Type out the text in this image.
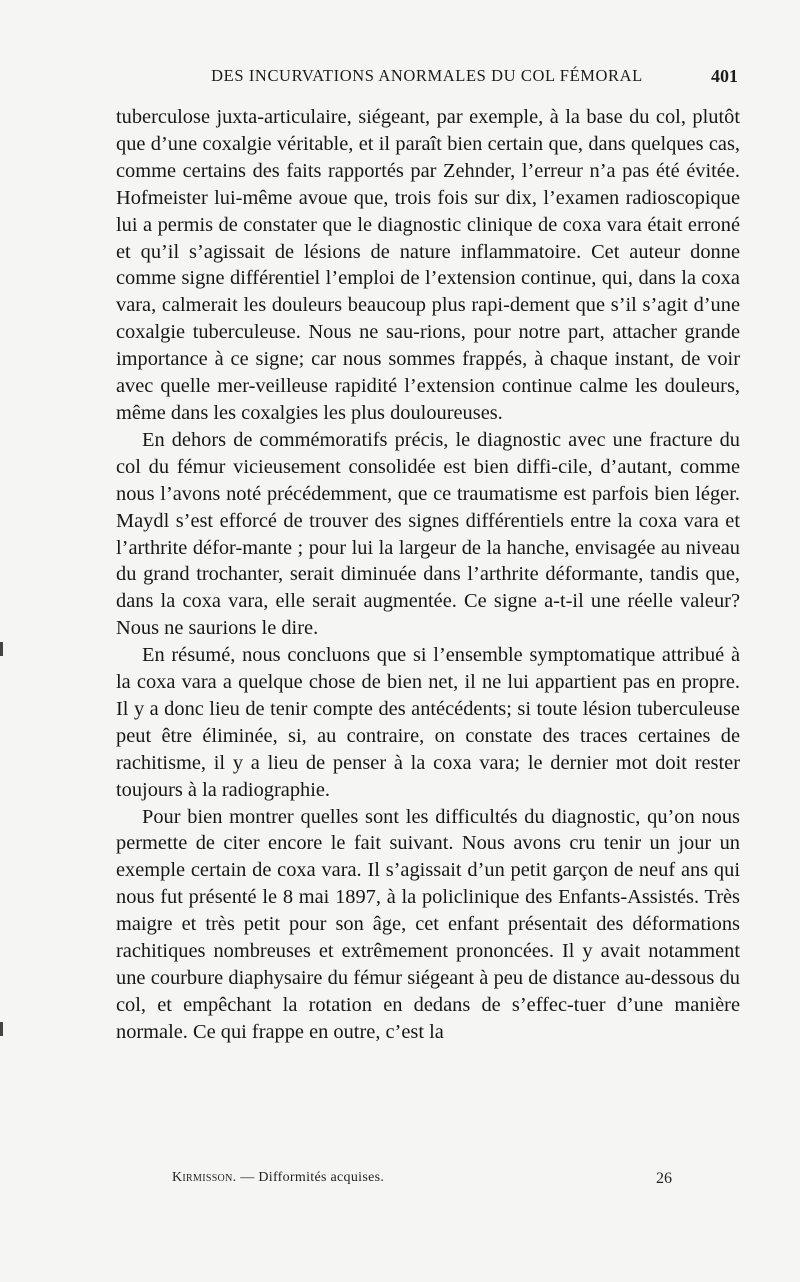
DES INCURVATIONS ANORMALES DU COL FÉMORAL	401

tuberculose juxta-articulaire, siégeant, par exemple, à la base du col, plutôt que d’une coxalgie véritable, et il paraît bien certain que, dans quelques cas, comme certains des faits rapportés par Zehnder, l’erreur n’a pas été évitée. Hofmeister lui-même avoue que, trois fois sur dix, l’examen radioscopique lui a permis de constater que le diagnostic clinique de coxa vara était erroné et qu’il s’agissait de lésions de nature inflammatoire. Cet auteur donne comme signe différentiel l’emploi de l’extension continue, qui, dans la coxa vara, calmerait les douleurs beaucoup plus rapi-dement que s’il s’agit d’une coxalgie tuberculeuse. Nous ne sau-rions, pour notre part, attacher grande importance à ce signe; car nous sommes frappés, à chaque instant, de voir avec quelle mer-veilleuse rapidité l’extension continue calme les douleurs, même dans les coxalgies les plus douloureuses.

En dehors de commémoratifs précis, le diagnostic avec une fracture du col du fémur vicieusement consolidée est bien diffi-cile, d’autant, comme nous l’avons noté précédemment, que ce traumatisme est parfois bien léger. Maydl s’est efforcé de trouver des signes différentiels entre la coxa vara et l’arthrite défor-mante ; pour lui la largeur de la hanche, envisagée au niveau du grand trochanter, serait diminuée dans l’arthrite déformante, tandis que, dans la coxa vara, elle serait augmentée. Ce signe a-t-il une réelle valeur? Nous ne saurions le dire.

En résumé, nous concluons que si l’ensemble symptomatique attribué à la coxa vara a quelque chose de bien net, il ne lui appartient pas en propre. Il y a donc lieu de tenir compte des antécédents; si toute lésion tuberculeuse peut être éliminée, si, au contraire, on constate des traces certaines de rachitisme, il y a lieu de penser à la coxa vara; le dernier mot doit rester toujours à la radiographie.

Pour bien montrer quelles sont les difficultés du diagnostic, qu’on nous permette de citer encore le fait suivant. Nous avons cru tenir un jour un exemple certain de coxa vara. Il s’agissait d’un petit garçon de neuf ans qui nous fut présenté le 8 mai 1897, à la policlinique des Enfants-Assistés. Très maigre et très petit pour son âge, cet enfant présentait des déformations rachitiques nombreuses et extrêmement prononcées. Il y avait notamment une courbure diaphysaire du fémur siégeant à peu de distance au-dessous du col, et empêchant la rotation en dedans de s’effec-tuer d’une manière normale. Ce qui frappe en outre, c’est la

Kirmisson. — Difformités acquises.	26
